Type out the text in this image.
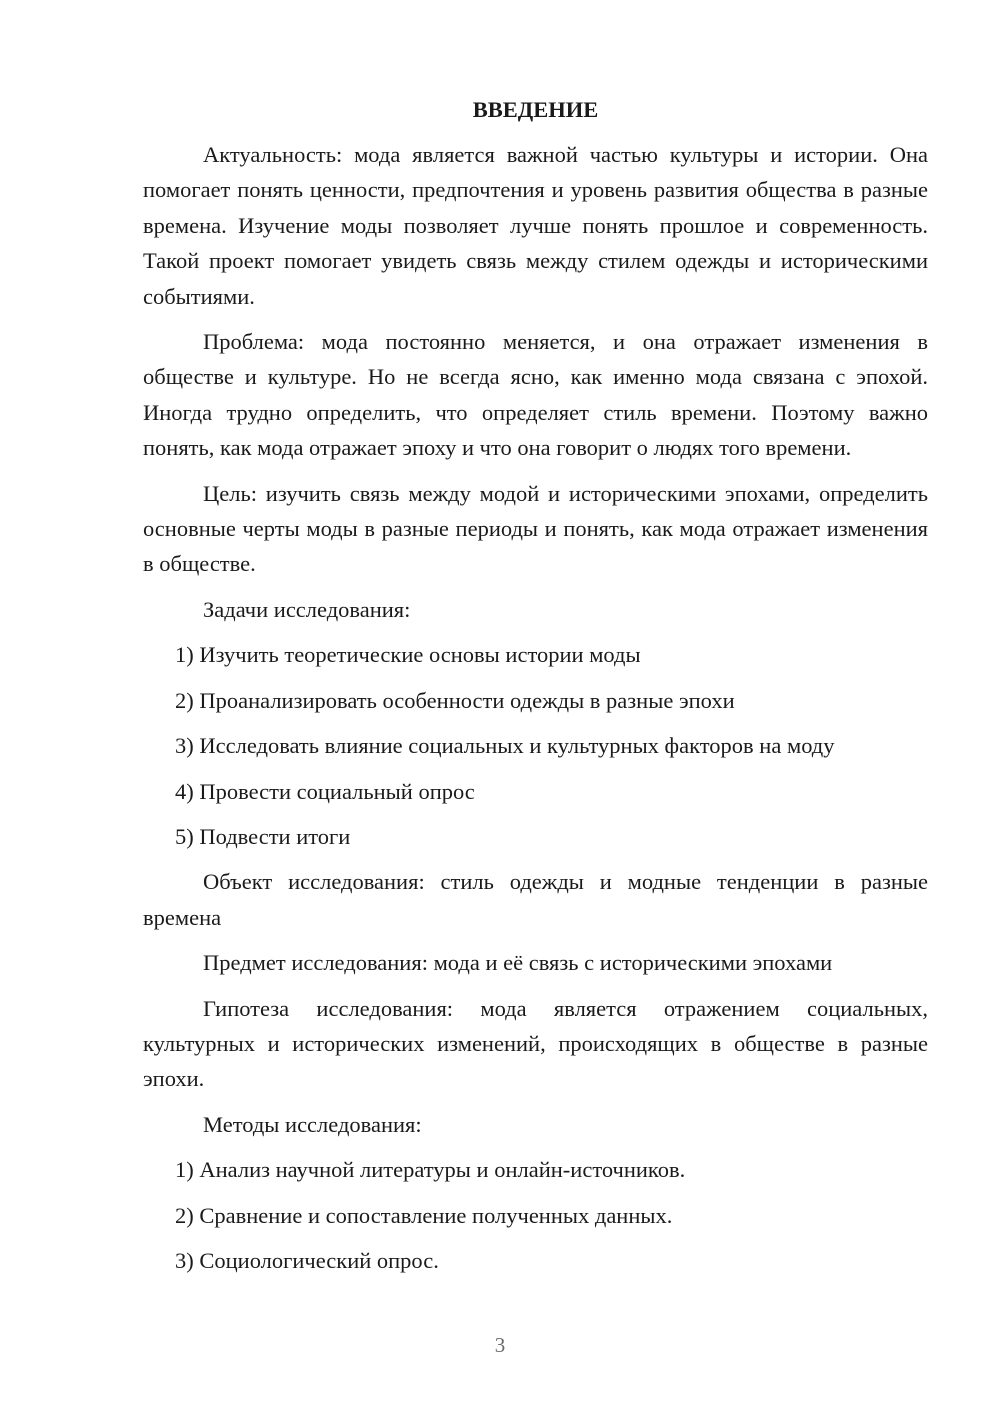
ВВЕДЕНИЕ
Актуальность: мода является важной частью культуры и истории. Она помогает понять ценности, предпочтения и уровень развития общества в разные времена. Изучение моды позволяет лучше понять прошлое и современность. Такой проект помогает увидеть связь между стилем одежды и историческими событиями.
Проблема: мода постоянно меняется, и она отражает изменения в обществе и культуре. Но не всегда ясно, как именно мода связана с эпохой. Иногда трудно определить, что определяет стиль времени. Поэтому важно понять, как мода отражает эпоху и что она говорит о людях того времени.
Цель: изучить связь между модой и историческими эпохами, определить основные черты моды в разные периоды и понять, как мода отражает изменения в обществе.
Задачи исследования:
1) Изучить теоретические основы истории моды
2) Проанализировать особенности одежды в разные эпохи
3) Исследовать влияние социальных и культурных факторов на моду
4) Провести социальный опрос
5) Подвести итоги
Объект исследования: стиль одежды и модные тенденции в разные времена
Предмет исследования: мода и её связь с историческими эпохами
Гипотеза исследования: мода является отражением социальных, культурных и исторических изменений, происходящих в обществе в разные эпохи.
Методы исследования:
1) Анализ научной литературы и онлайн-источников.
2) Сравнение и сопоставление полученных данных.
3) Социологический опрос.
3
